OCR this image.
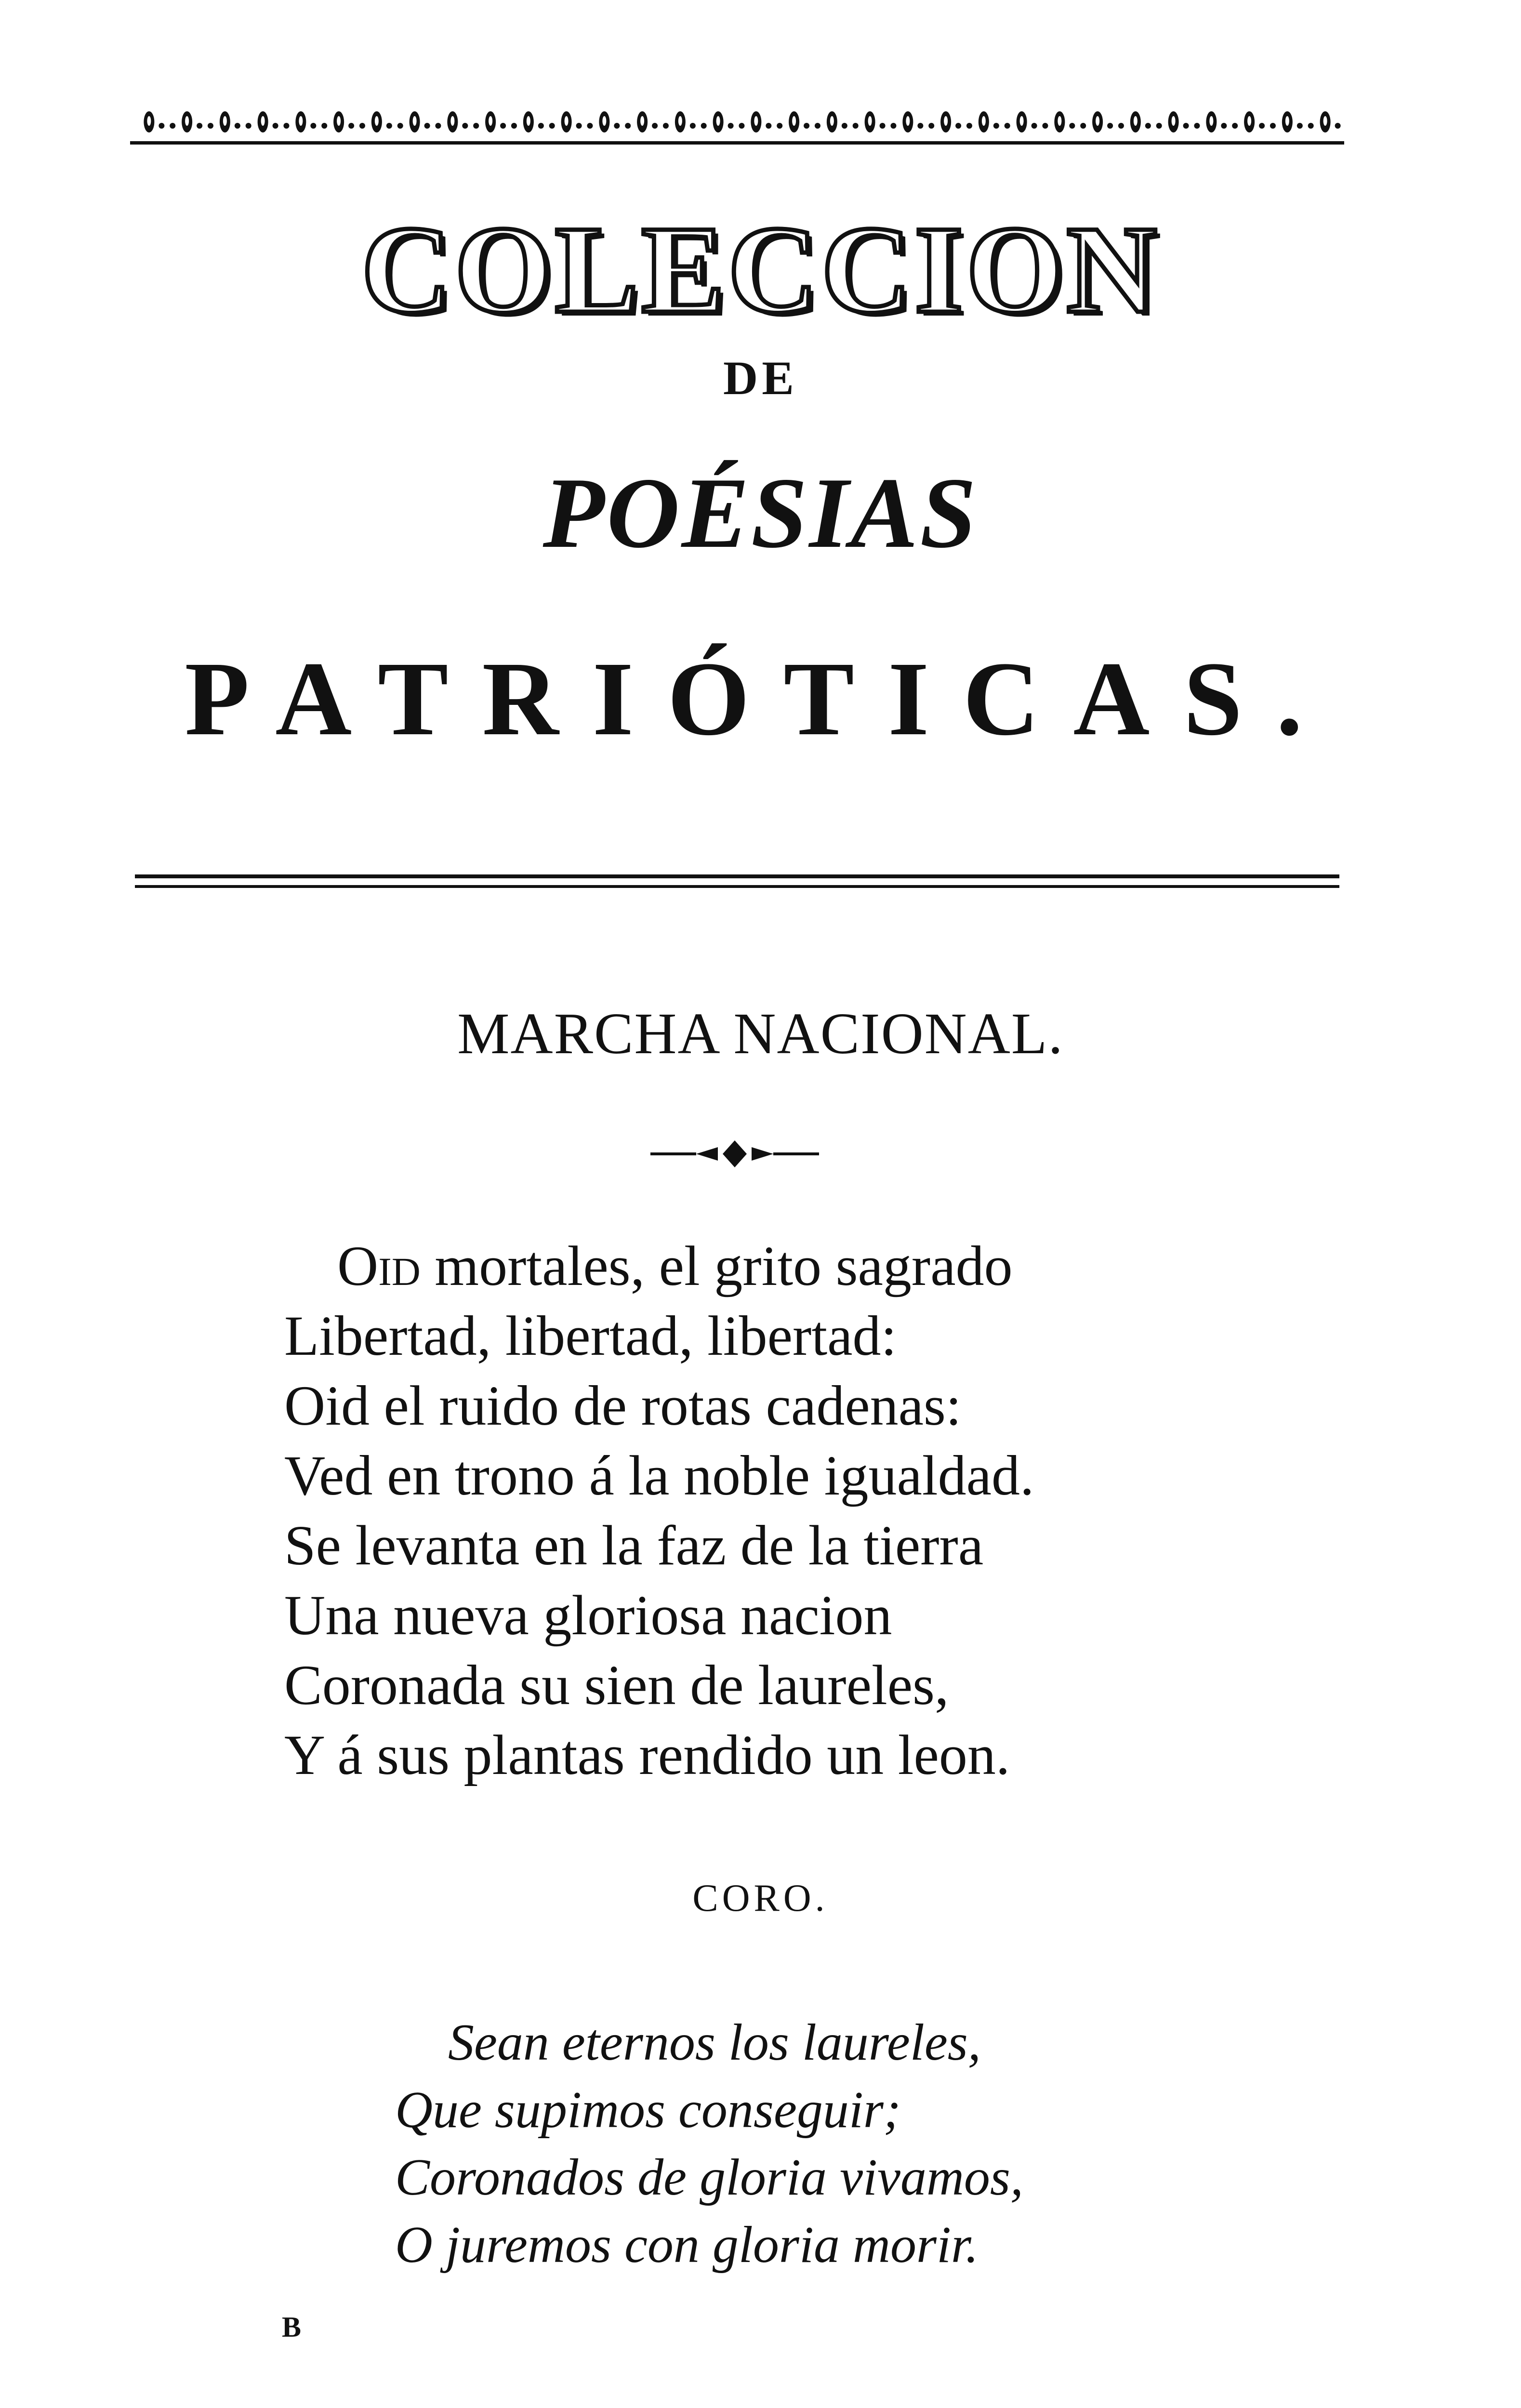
COLECCION
DE
POÉSIAS
PATRIÓTICAS.
MARCHA NACIONAL.
Oid mortales, el grito sagrado
Libertad, libertad, libertad:
Oid el ruido de rotas cadenas:
Ved en trono á la noble igualdad.
Se levanta en la faz de la tierra
Una nueva gloriosa nacion
Coronada su sien de laureles,
Y á sus plantas rendido un leon.
CORO.
Sean eternos los laureles,
Que supimos conseguir;
Coronados de gloria vivamos,
O juremos con gloria morir.
B
